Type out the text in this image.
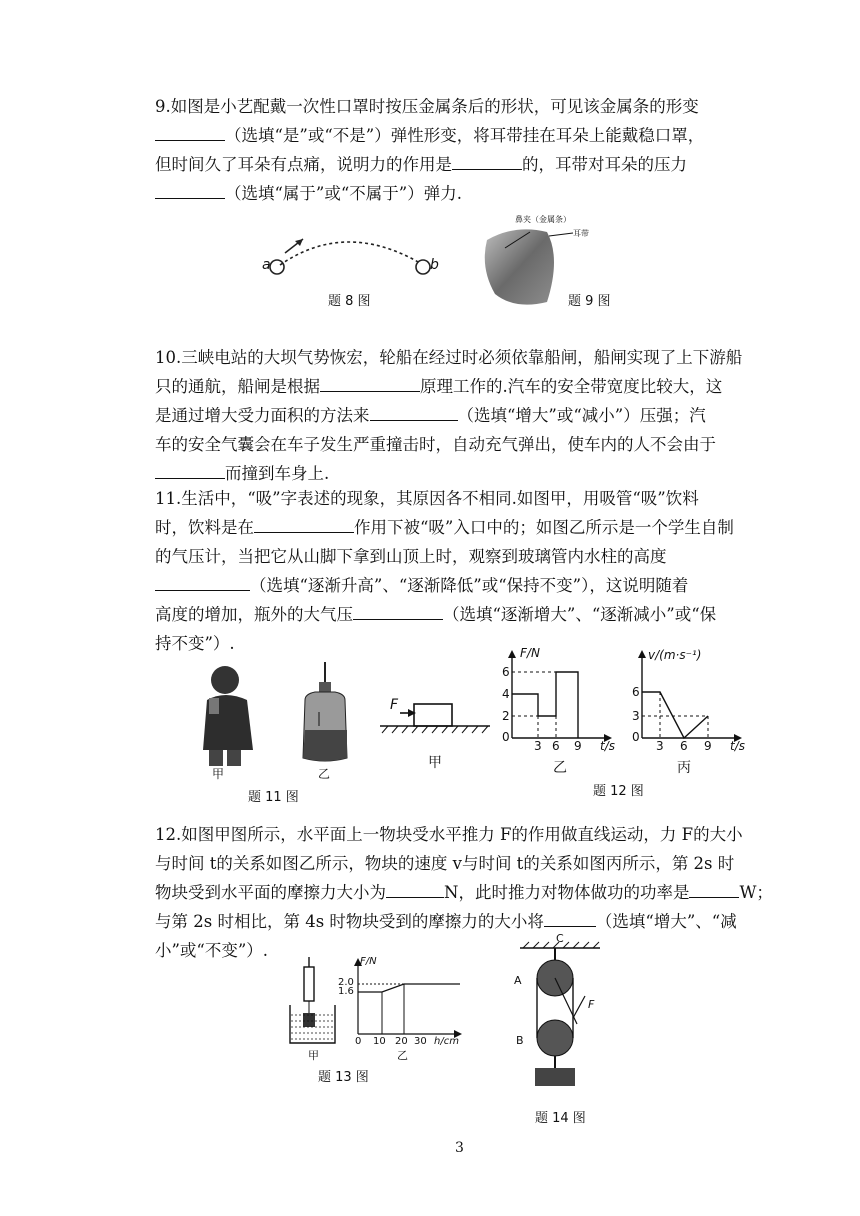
9.如图是小艺配戴一次性口罩时按压金属条后的形状，可见该金属条的形变
（选填“是”或“不是”）弹性形变，将耳带挂在耳朵上能戴稳口罩，
但时间久了耳朵有点痛，说明力的作用是	的，耳带对耳朵的压力
（选填“属于”或“不属于”）弹力.
a	b
题 8 图
鼻夹（金属条）
耳带
题 9 图
10.三峡电站的大坝气势恢宏，轮船在经过时必须依靠船闸，船闸实现了上下游船
只的通航，船闸是根据	原理工作的.汽车的安全带宽度比较大，这
是通过增大受力面积的方法来	（选填“增大”或“减小”）压强；汽
车的安全气囊会在车子发生严重撞击时，自动充气弹出，使车内的人不会由于
而撞到车身上.
11.生活中，“吸”字表述的现象，其原因各不相同.如图甲，用吸管“吸”饮料
时，饮料是在	作用下被“吸”入口中的；如图乙所示是一个学生自制
的气压计，当把它从山脚下拿到山顶上时，观察到玻璃管内水柱的高度
（选填“逐渐升高”、“逐渐降低”或“保持不变”），这说明随着
高度的增加，瓶外的大气压	（选填“逐渐增大”、“逐渐减小”或“保
持不变”）.
甲	乙
题 11 图
F
甲
F/N
6
4
2
0
3 6 9 t/s
乙
v/(m·s⁻¹)
6
3
0
3 6 9 t/s
丙
题 12 图
12.如图甲图所示，水平面上一物块受水平推力 F的作用做直线运动，力 F的大小
与时间 t的关系如图乙所示，物块的速度 v与时间 t的关系如图丙所示，第 2s 时
物块受到水平面的摩擦力大小为	N，此时推力对物体做功的功率是	W；
与第 2s 时相比，第 4s 时物块受到的摩擦力的大小将	（选填“增大”、“减
小”或“不变”）.
甲
F/N
2.0
1.6
0 10 20 30 h/cm
乙
题 13 图
C
A
B
F
题 14 图
3
